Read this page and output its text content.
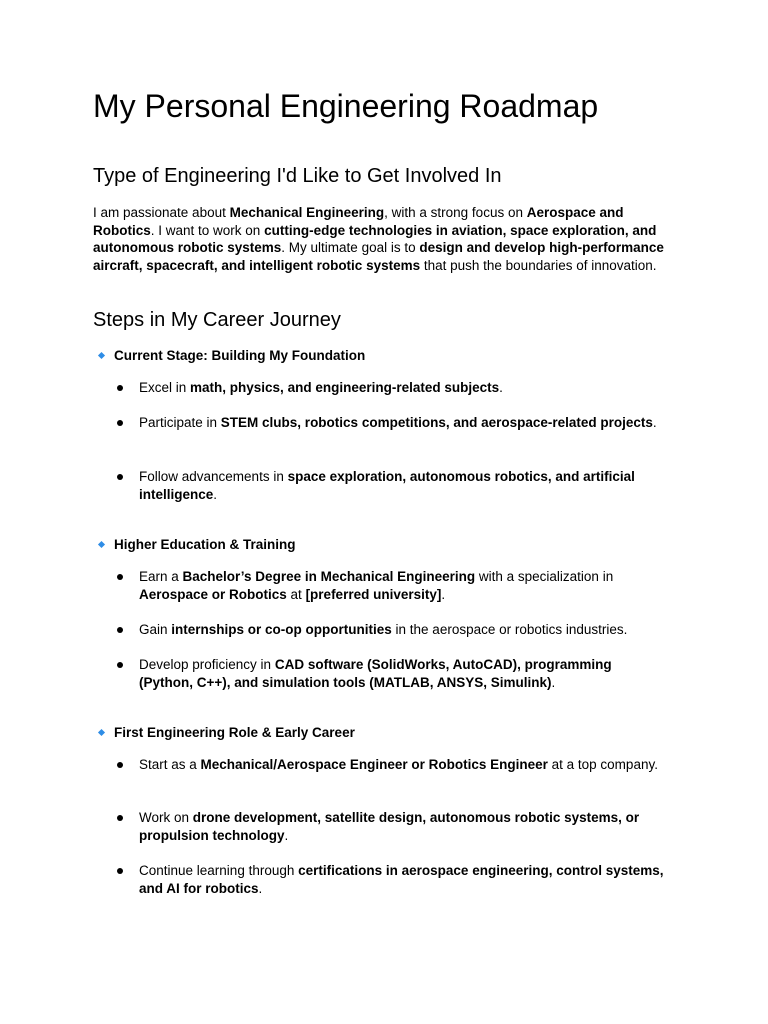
My Personal Engineering Roadmap
Type of Engineering I'd Like to Get Involved In

I am passionate about Mechanical Engineering, with a strong focus on Aerospace and Robotics. I want to work on cutting-edge technologies in aviation, space exploration, and autonomous robotic systems. My ultimate goal is to design and develop high-performance aircraft, spacecraft, and intelligent robotic systems that push the boundaries of innovation.

Steps in My Career Journey
Current Stage: Building My Foundation
Excel in math, physics, and engineering-related subjects.
Participate in STEM clubs, robotics competitions, and aerospace-related projects.
Follow advancements in space exploration, autonomous robotics, and artificial intelligence.
Higher Education & Training
Earn a Bachelor’s Degree in Mechanical Engineering with a specialization in Aerospace or Robotics at [preferred university].
Gain internships or co-op opportunities in the aerospace or robotics industries.
Develop proficiency in CAD software (SolidWorks, AutoCAD), programming (Python, C++), and simulation tools (MATLAB, ANSYS, Simulink).
First Engineering Role & Early Career
Start as a Mechanical/Aerospace Engineer or Robotics Engineer at a top company.
Work on drone development, satellite design, autonomous robotic systems, or propulsion technology.
Continue learning through certifications in aerospace engineering, control systems, and AI for robotics.
